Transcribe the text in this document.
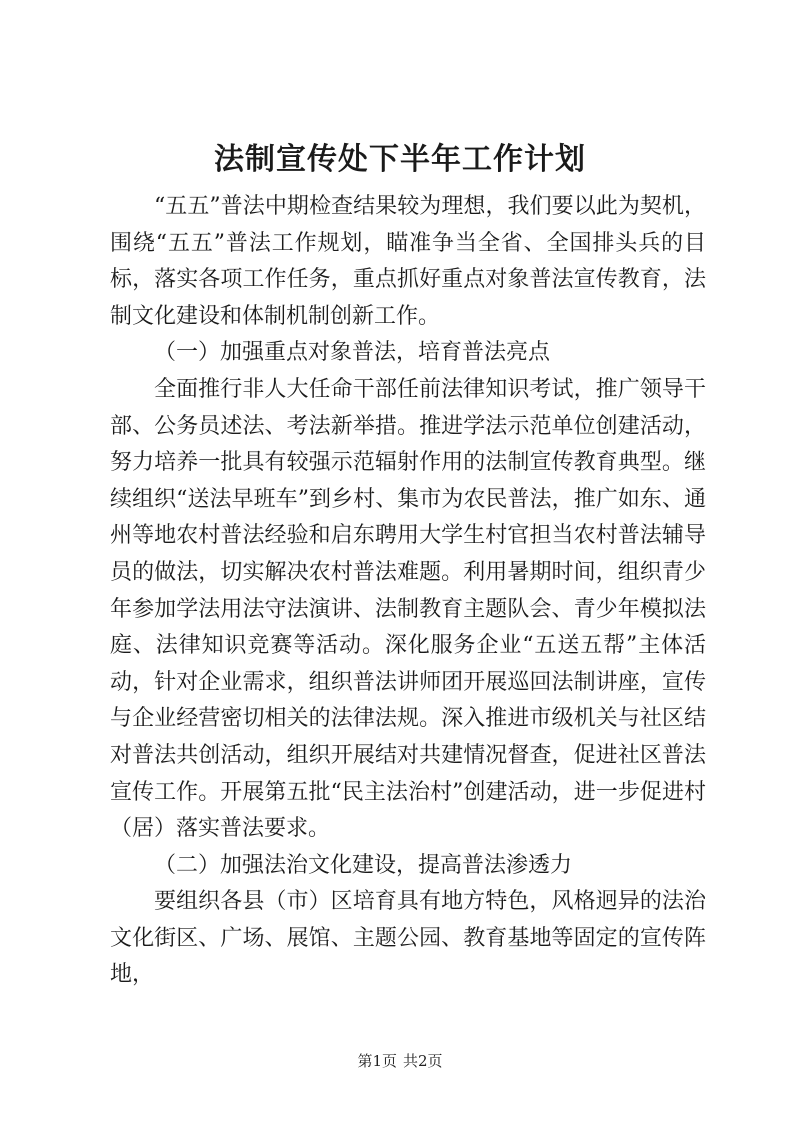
法制宣传处下半年工作计划

“五五”普法中期检查结果较为理想，我们要以此为契机，围绕“五五”普法工作规划，瞄准争当全省、全国排头兵的目标，落实各项工作任务，重点抓好重点对象普法宣传教育，法制文化建设和体制机制创新工作。

（一）加强重点对象普法，培育普法亮点

全面推行非人大任命干部任前法律知识考试，推广领导干部、公务员述法、考法新举措。推进学法示范单位创建活动，努力培养一批具有较强示范辐射作用的法制宣传教育典型。继续组织“送法早班车”到乡村、集市为农民普法，推广如东、通州等地农村普法经验和启东聘用大学生村官担当农村普法辅导员的做法，切实解决农村普法难题。利用暑期时间，组织青少年参加学法用法守法演讲、法制教育主题队会、青少年模拟法庭、法律知识竞赛等活动。深化服务企业“五送五帮”主体活动，针对企业需求，组织普法讲师团开展巡回法制讲座，宣传与企业经营密切相关的法律法规。深入推进市级机关与社区结对普法共创活动，组织开展结对共建情况督查，促进社区普法宣传工作。开展第五批“民主法治村”创建活动，进一步促进村（居）落实普法要求。

（二）加强法治文化建设，提高普法渗透力

要组织各县（市）区培育具有地方特色，风格迥异的法治文化街区、广场、展馆、主题公园、教育基地等固定的宣传阵地，

第1页 共2页
